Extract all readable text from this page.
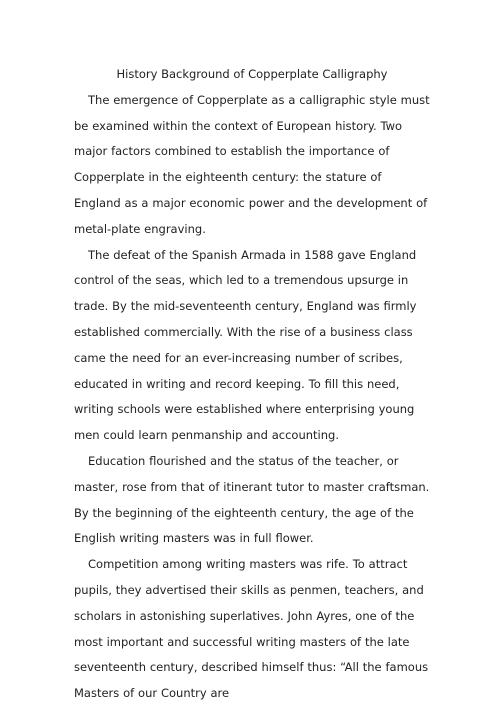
History Background of Copperplate Calligraphy

The emergence of Copperplate as a calligraphic style must be examined within the context of European history. Two major factors combined to establish the importance of Copperplate in the eighteenth century: the stature of England as a major economic power and the development of metal-plate engraving.

The defeat of the Spanish Armada in 1588 gave England control of the seas, which led to a tremendous upsurge in trade. By the mid-seventeenth century, England was firmly established commercially. With the rise of a business class came the need for an ever-increasing number of scribes, educated in writing and record keeping. To fill this need, writing schools were established where enterprising young men could learn penmanship and accounting.

Education flourished and the status of the teacher, or master, rose from that of itinerant tutor to master craftsman. By the beginning of the eighteenth century, the age of the English writing masters was in full flower.

Competition among writing masters was rife. To attract pupils, they advertised their skills as penmen, teachers, and scholars in astonishing superlatives. John Ayres, one of the most important and successful writing masters of the late seventeenth century, described himself thus: “All the famous Masters of our Country are
